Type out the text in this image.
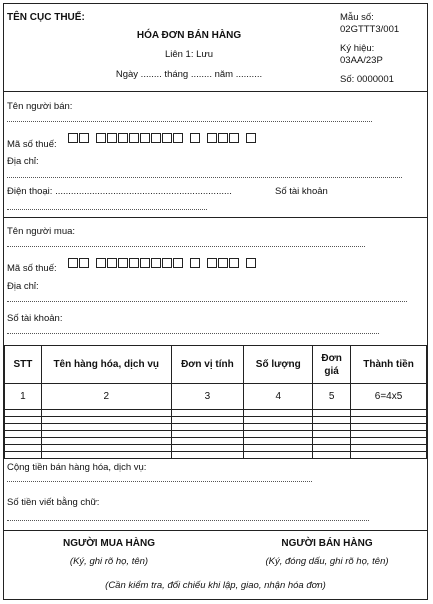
TÊN CỤC THUẾ:
HÓA ĐƠN BÁN HÀNG
Liên 1: Lưu
Ngày ........ tháng ........ năm ..........
Mẫu số:
02GTTT3/001
Ký hiệu:
03AA/23P
Số: 0000001
Tên người bán:
Mã số thuế:
Địa chỉ:
Điện thoại: ...................................................................	Số tài khoản
Tên người mua:
Mã số thuế:
Địa chỉ:
Số tài khoản:
STT	Tên hàng hóa, dịch vụ	Đơn vị tính	Số lượng	Đơn giá	Thành tiền
1	2	3	4	5	6=4x5

Cộng tiền bán hàng hóa, dịch vụ:
Số tiền viết bằng chữ:
NGƯỜI MUA HÀNG
(Ký, ghi rõ họ, tên)
NGƯỜI BÁN HÀNG
(Ký, đóng dấu, ghi rõ họ, tên)
(Cần kiểm tra, đối chiếu khi lập, giao, nhận hóa đơn)
